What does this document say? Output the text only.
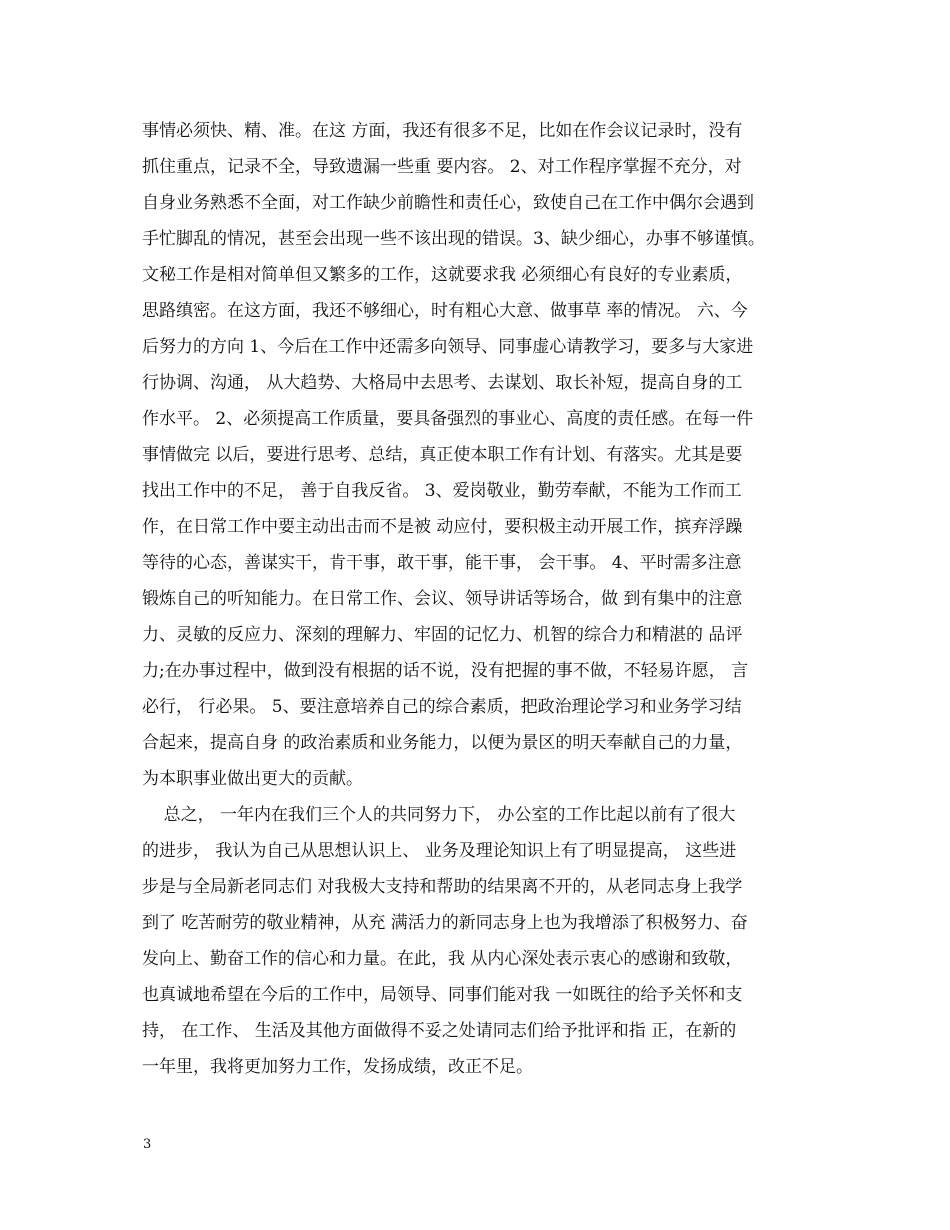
事情必须快、精、准。在这 方面，我还有很多不足，比如在作会议记录时，没有
抓住重点，记录不全，导致遗漏一些重 要内容。 2、对工作程序掌握不充分，对
自身业务熟悉不全面，对工作缺少前瞻性和责任心，致使自己在工作中偶尔会遇到
手忙脚乱的情况，甚至会出现一些不该出现的错误。3、缺少细心，办事不够谨慎。
文秘工作是相对简单但又繁多的工作，这就要求我 必须细心有良好的专业素质，
思路缜密。在这方面，我还不够细心，时有粗心大意、做事草 率的情况。 六、今
后努力的方向 1、今后在工作中还需多向领导、同事虚心请教学习，要多与大家进
行协调、沟通， 从大趋势、大格局中去思考、去谋划、取长补短，提高自身的工
作水平。 2、必须提高工作质量，要具备强烈的事业心、高度的责任感。在每一件
事情做完 以后，要进行思考、总结，真正使本职工作有计划、有落实。尤其是要
找出工作中的不足， 善于自我反省。 3、爱岗敬业，勤劳奉献，不能为工作而工
作，在日常工作中要主动出击而不是被 动应付，要积极主动开展工作，摈弃浮躁
等待的心态，善谋实干，肯干事，敢干事，能干事， 会干事。 4、平时需多注意
锻炼自己的听知能力。在日常工作、会议、领导讲话等场合，做 到有集中的注意
力、灵敏的反应力、深刻的理解力、牢固的记忆力、机智的综合力和精湛的 品评
力;在办事过程中，做到没有根据的话不说，没有把握的事不做，不轻易许愿， 言
必行， 行必果。 5、要注意培养自己的综合素质，把政治理论学习和业务学习结
合起来，提高自身 的政治素质和业务能力，以便为景区的明天奉献自己的力量，
为本职事业做出更大的贡献。
总之， 一年内在我们三个人的共同努力下， 办公室的工作比起以前有了很大
的进步， 我认为自己从思想认识上、 业务及理论知识上有了明显提高， 这些进
步是与全局新老同志们 对我极大支持和帮助的结果离不开的，从老同志身上我学
到了 吃苦耐劳的敬业精神，从充 满活力的新同志身上也为我增添了积极努力、奋
发向上、勤奋工作的信心和力量。在此，我 从内心深处表示衷心的感谢和致敬，
也真诚地希望在今后的工作中，局领导、同事们能对我 一如既往的给予关怀和支
持， 在工作、 生活及其他方面做得不妥之处请同志们给予批评和指 正，在新的
一年里，我将更加努力工作，发扬成绩，改正不足。
3
